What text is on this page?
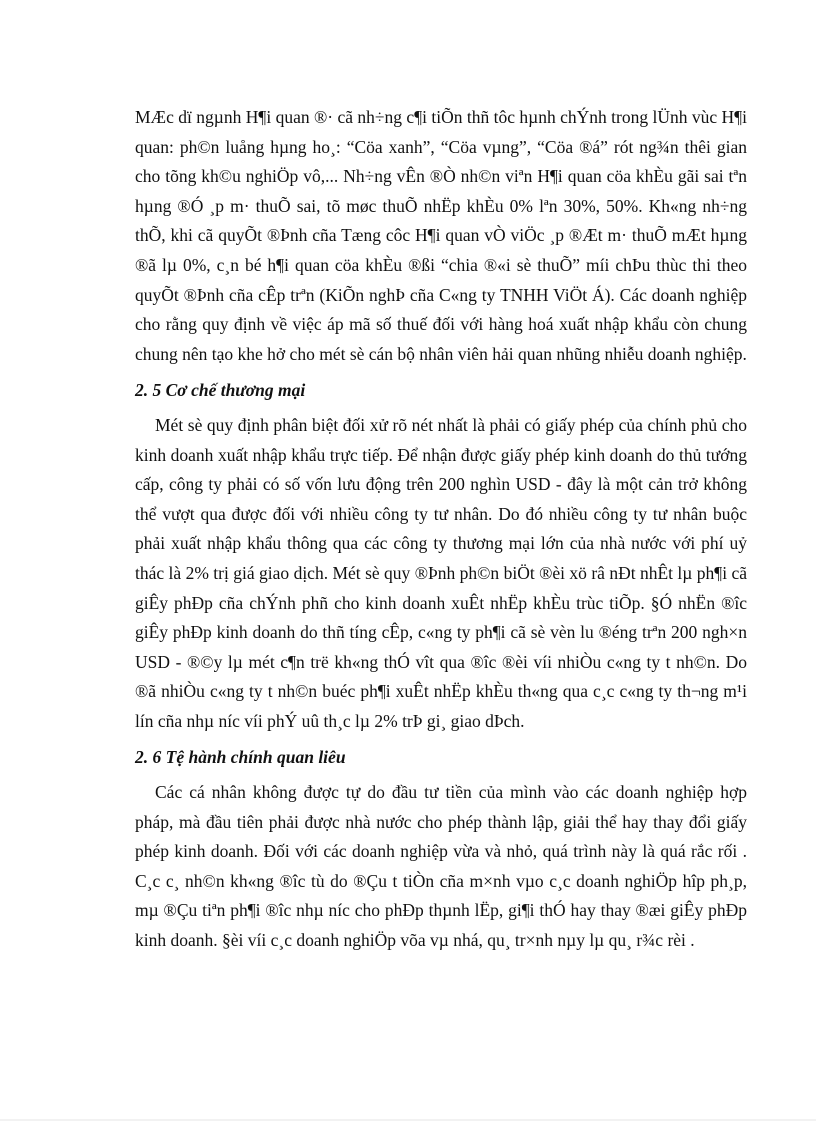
MÆc dï ngµnh H¶i quan ®· cã nh÷ng c¶i tiÕn thñ tôc hµnh chÝnh trong lÜnh vùc H¶i quan: ph©n luång hµng ho¸: “Cöa xanh”, “Cöa vµng”, “Cöa ®á” rót ng¾n thêi gian cho tõng kh©u nghiÖp vô,... Nh÷ng vÊn ®Ò nh©n viªn H¶i quan cöa khÈu gãi sai tªn hµng ®Ó ¸p m· thuÕ sai, tõ møc thuÕ nhËp khÈu 0% lªn 30%, 50%. Kh«ng nh÷ng thÕ, khi cã quyÕt ®Þnh cña Tæng côc H¶i quan vÒ viÖc ¸p ®Æt m· thuÕ mÆt hµng ®ã lµ 0%, c¸n bé h¶i quan cöa khÈu ®ßi “chia ®«i sè thuÕ” míi chÞu thùc thi theo quyÕt ®Þnh cña cÊp trªn (KiÕn nghÞ cña C«ng ty TNHH ViÖt Á). Các doanh nghiệp cho rằng quy định về việc áp mã số thuế đối với hàng hoá xuất nhập khẩu còn chung chung nên tạo khe hở cho mét sè cán bộ nhân viên hải quan nhũng nhiễu doanh nghiệp.

2. 5 Cơ chế thương mại

Mét sè quy định phân biệt đối xử rõ nét nhất là phải có giấy phép của chính phủ cho kinh doanh xuất nhập khẩu trực tiếp. Để nhận được giấy phép kinh doanh do thủ tướng cấp, công ty phải có số vốn lưu động trên 200 nghìn USD - đây là một cản trở không thể vượt qua được đối với nhiều công ty tư nhân. Do đó nhiều công ty tư nhân buộc phải xuất nhập khẩu thông qua các công ty thương mại lớn của nhà nước với phí uỷ thác là 2% trị giá giao dịch. Mét sè quy ®Þnh ph©n biÖt ®èi xö râ nÐt nhÊt lµ ph¶i cã giÊy phÐp cña chÝnh phñ cho kinh doanh xuÊt nhËp khÈu trùc tiÕp. §Ó nhËn ®îc giÊy phÐp kinh doanh do thñ tíng cÊp, c«ng ty ph¶i cã sè vèn lu ®éng trªn 200 ngh×n USD - ®©y lµ mét c¶n trë kh«ng thÓ vît qua ®îc ®èi víi nhiÒu c«ng ty t nh©n. Do ®ã nhiÒu c«ng ty t nh©n buéc ph¶i xuÊt nhËp khÈu th«ng qua c¸c c«ng ty th¬ng m¹i lín cña nhµ níc víi phÝ uû th¸c lµ 2% trÞ gi¸ giao dÞch.

2. 6 Tệ hành chính quan liêu

Các cá nhân không được tự do đầu tư tiền của mình vào các doanh nghiệp hợp pháp, mà đầu tiên phải được nhà nước cho phép thành lập, giải thể hay thay đổi giấy phép kinh doanh. Đối với các doanh nghiệp vừa và nhỏ, quá trình này là quá rắc rối . C¸c c¸ nh©n kh«ng ®îc tù do ®Çu t tiÒn cña m×nh vµo c¸c doanh nghiÖp hîp ph¸p, mµ ®Çu tiªn ph¶i ®îc nhµ níc cho phÐp thµnh lËp, gi¶i thÓ hay thay ®æi giÊy phÐp kinh doanh. §èi víi c¸c doanh nghiÖp võa vµ nhá, qu¸ tr×nh nµy lµ qu¸ r¾c rèi .
